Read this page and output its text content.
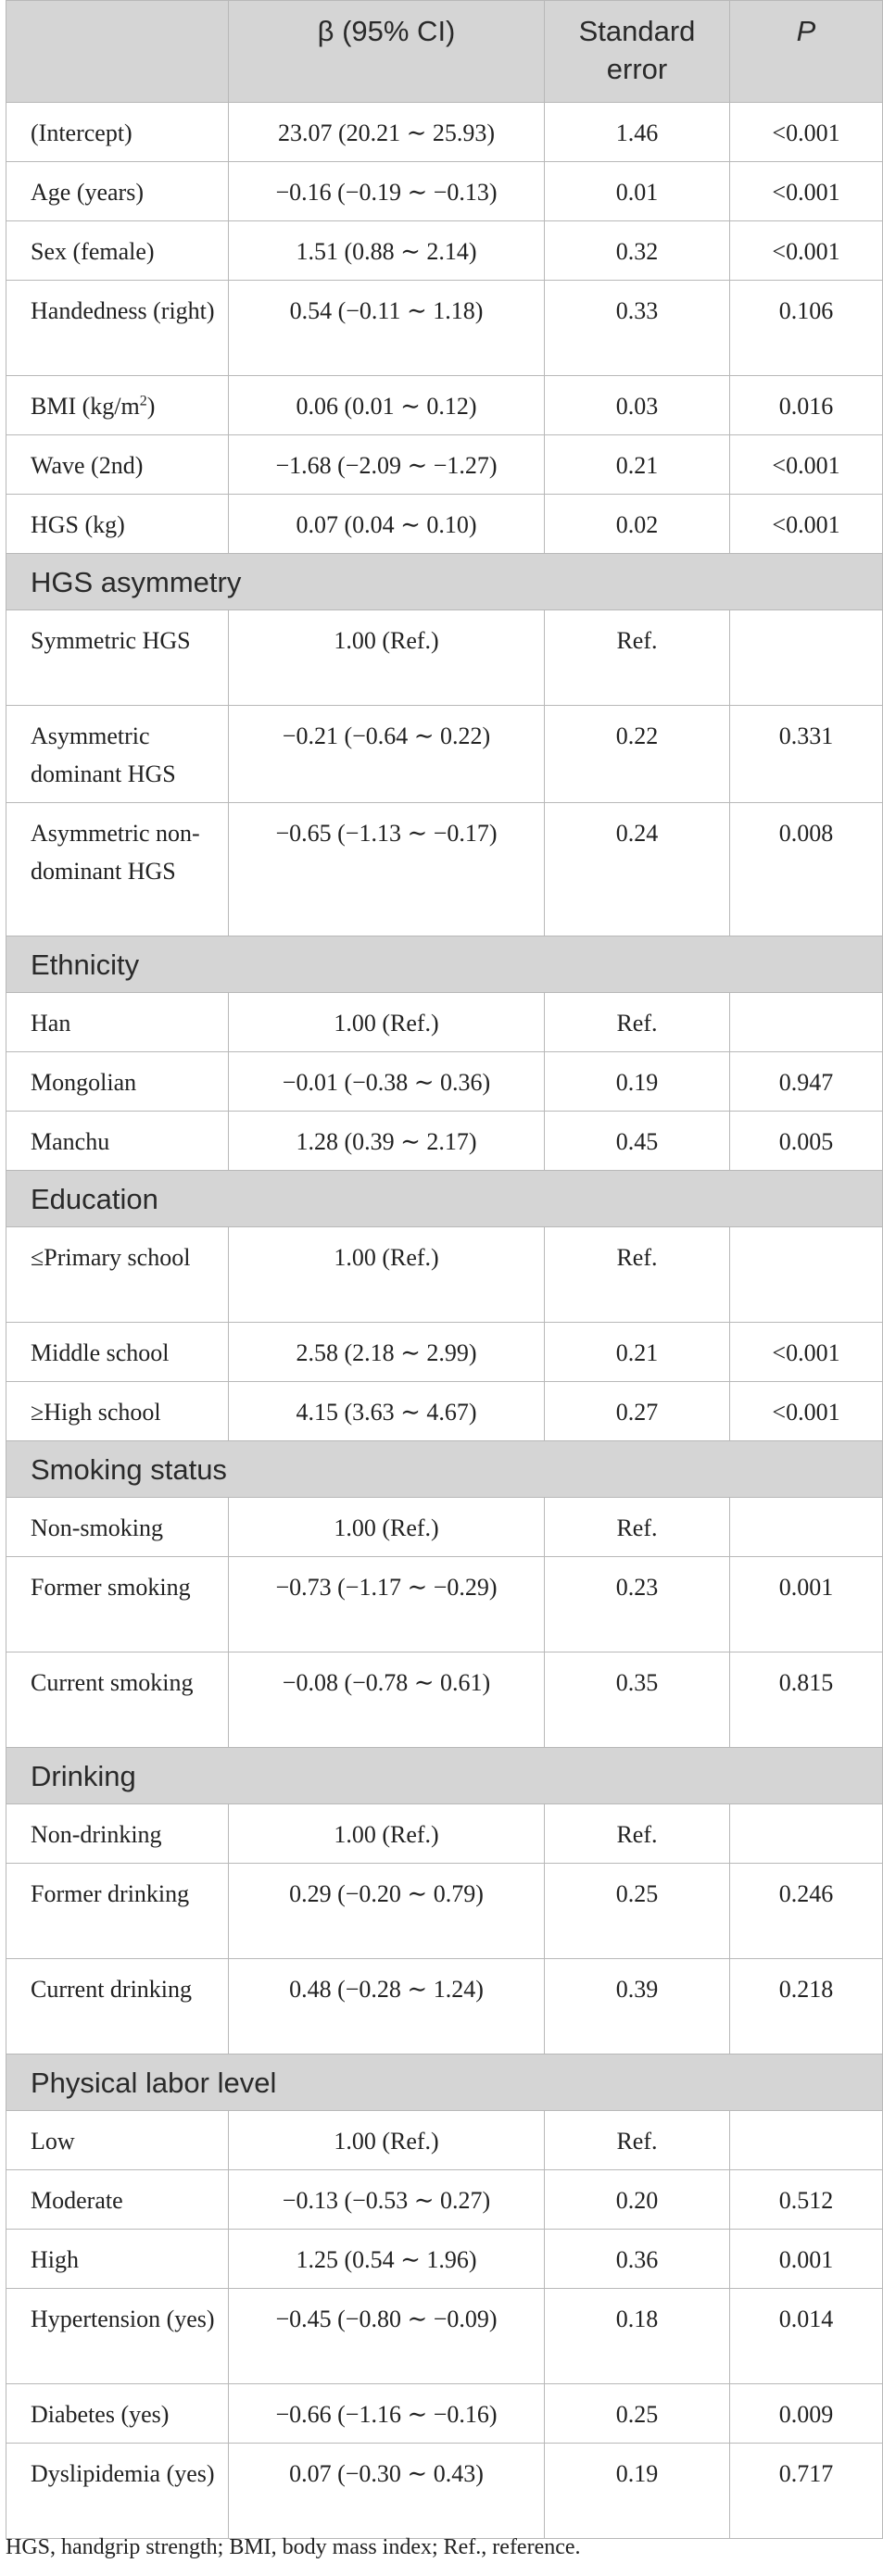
	β (95% CI)	Standard error	P
(Intercept)	23.07 (20.21 ∼ 25.93)	1.46	<0.001
Age (years)	−0.16 (−0.19 ∼ −0.13)	0.01	<0.001
Sex (female)	1.51 (0.88 ∼ 2.14)	0.32	<0.001
Handedness (right)	0.54 (−0.11 ∼ 1.18)	0.33	0.106
BMI $(kg/m^2)$	0.06 (0.01 ∼ 0.12)	0.03	0.016
Wave (2nd)	−1.68 (−2.09 ∼ −1.27)	0.21	<0.001
HGS (kg)	0.07 (0.04 ∼ 0.10)	0.02	<0.001
HGS asymmetry			
Symmetric HGS	1.00 (Ref.)	Ref.	
Asymmetric dominant HGS	−0.21 (−0.64 ∼ 0.22)	0.22	0.331
Asymmetric non-dominant HGS	−0.65 (−1.13 ∼ −0.17)	0.24	0.008
Ethnicity			
Han	1.00 (Ref.)	Ref.	
Mongolian	−0.01 (−0.38 ∼ 0.36)	0.19	0.947
Manchu	1.28 (0.39 ∼ 2.17)	0.45	0.005
Education			
≤Primary school	1.00 (Ref.)	Ref.	
Middle school	2.58 (2.18 ∼ 2.99)	0.21	<0.001
≥High school	4.15 (3.63 ∼ 4.67)	0.27	<0.001
Smoking status			
Non-smoking	1.00 (Ref.)	Ref.	
Former smoking	−0.73 (−1.17 ∼ −0.29)	0.23	0.001
Current smoking	−0.08 (−0.78 ∼ 0.61)	0.35	0.815
Drinking			
Non-drinking	1.00 (Ref.)	Ref.	
Former drinking	0.29 (−0.20 ∼ 0.79)	0.25	0.246
Current drinking	0.48 (−0.28 ∼ 1.24)	0.39	0.218
Physical labor level			
Low	1.00 (Ref.)	Ref.	
Moderate	−0.13 (−0.53 ∼ 0.27)	0.20	0.512
High	1.25 (0.54 ∼ 1.96)	0.36	0.001
Hypertension (yes)	−0.45 (−0.80 ∼ −0.09)	0.18	0.014
Diabetes (yes)	−0.66 (−1.16 ∼ −0.16)	0.25	0.009
Dyslipidemia (yes)	0.07 (−0.30 ∼ 0.43)	0.19	0.717
HGS, handgrip strength; BMI, body mass index; Ref., reference.
